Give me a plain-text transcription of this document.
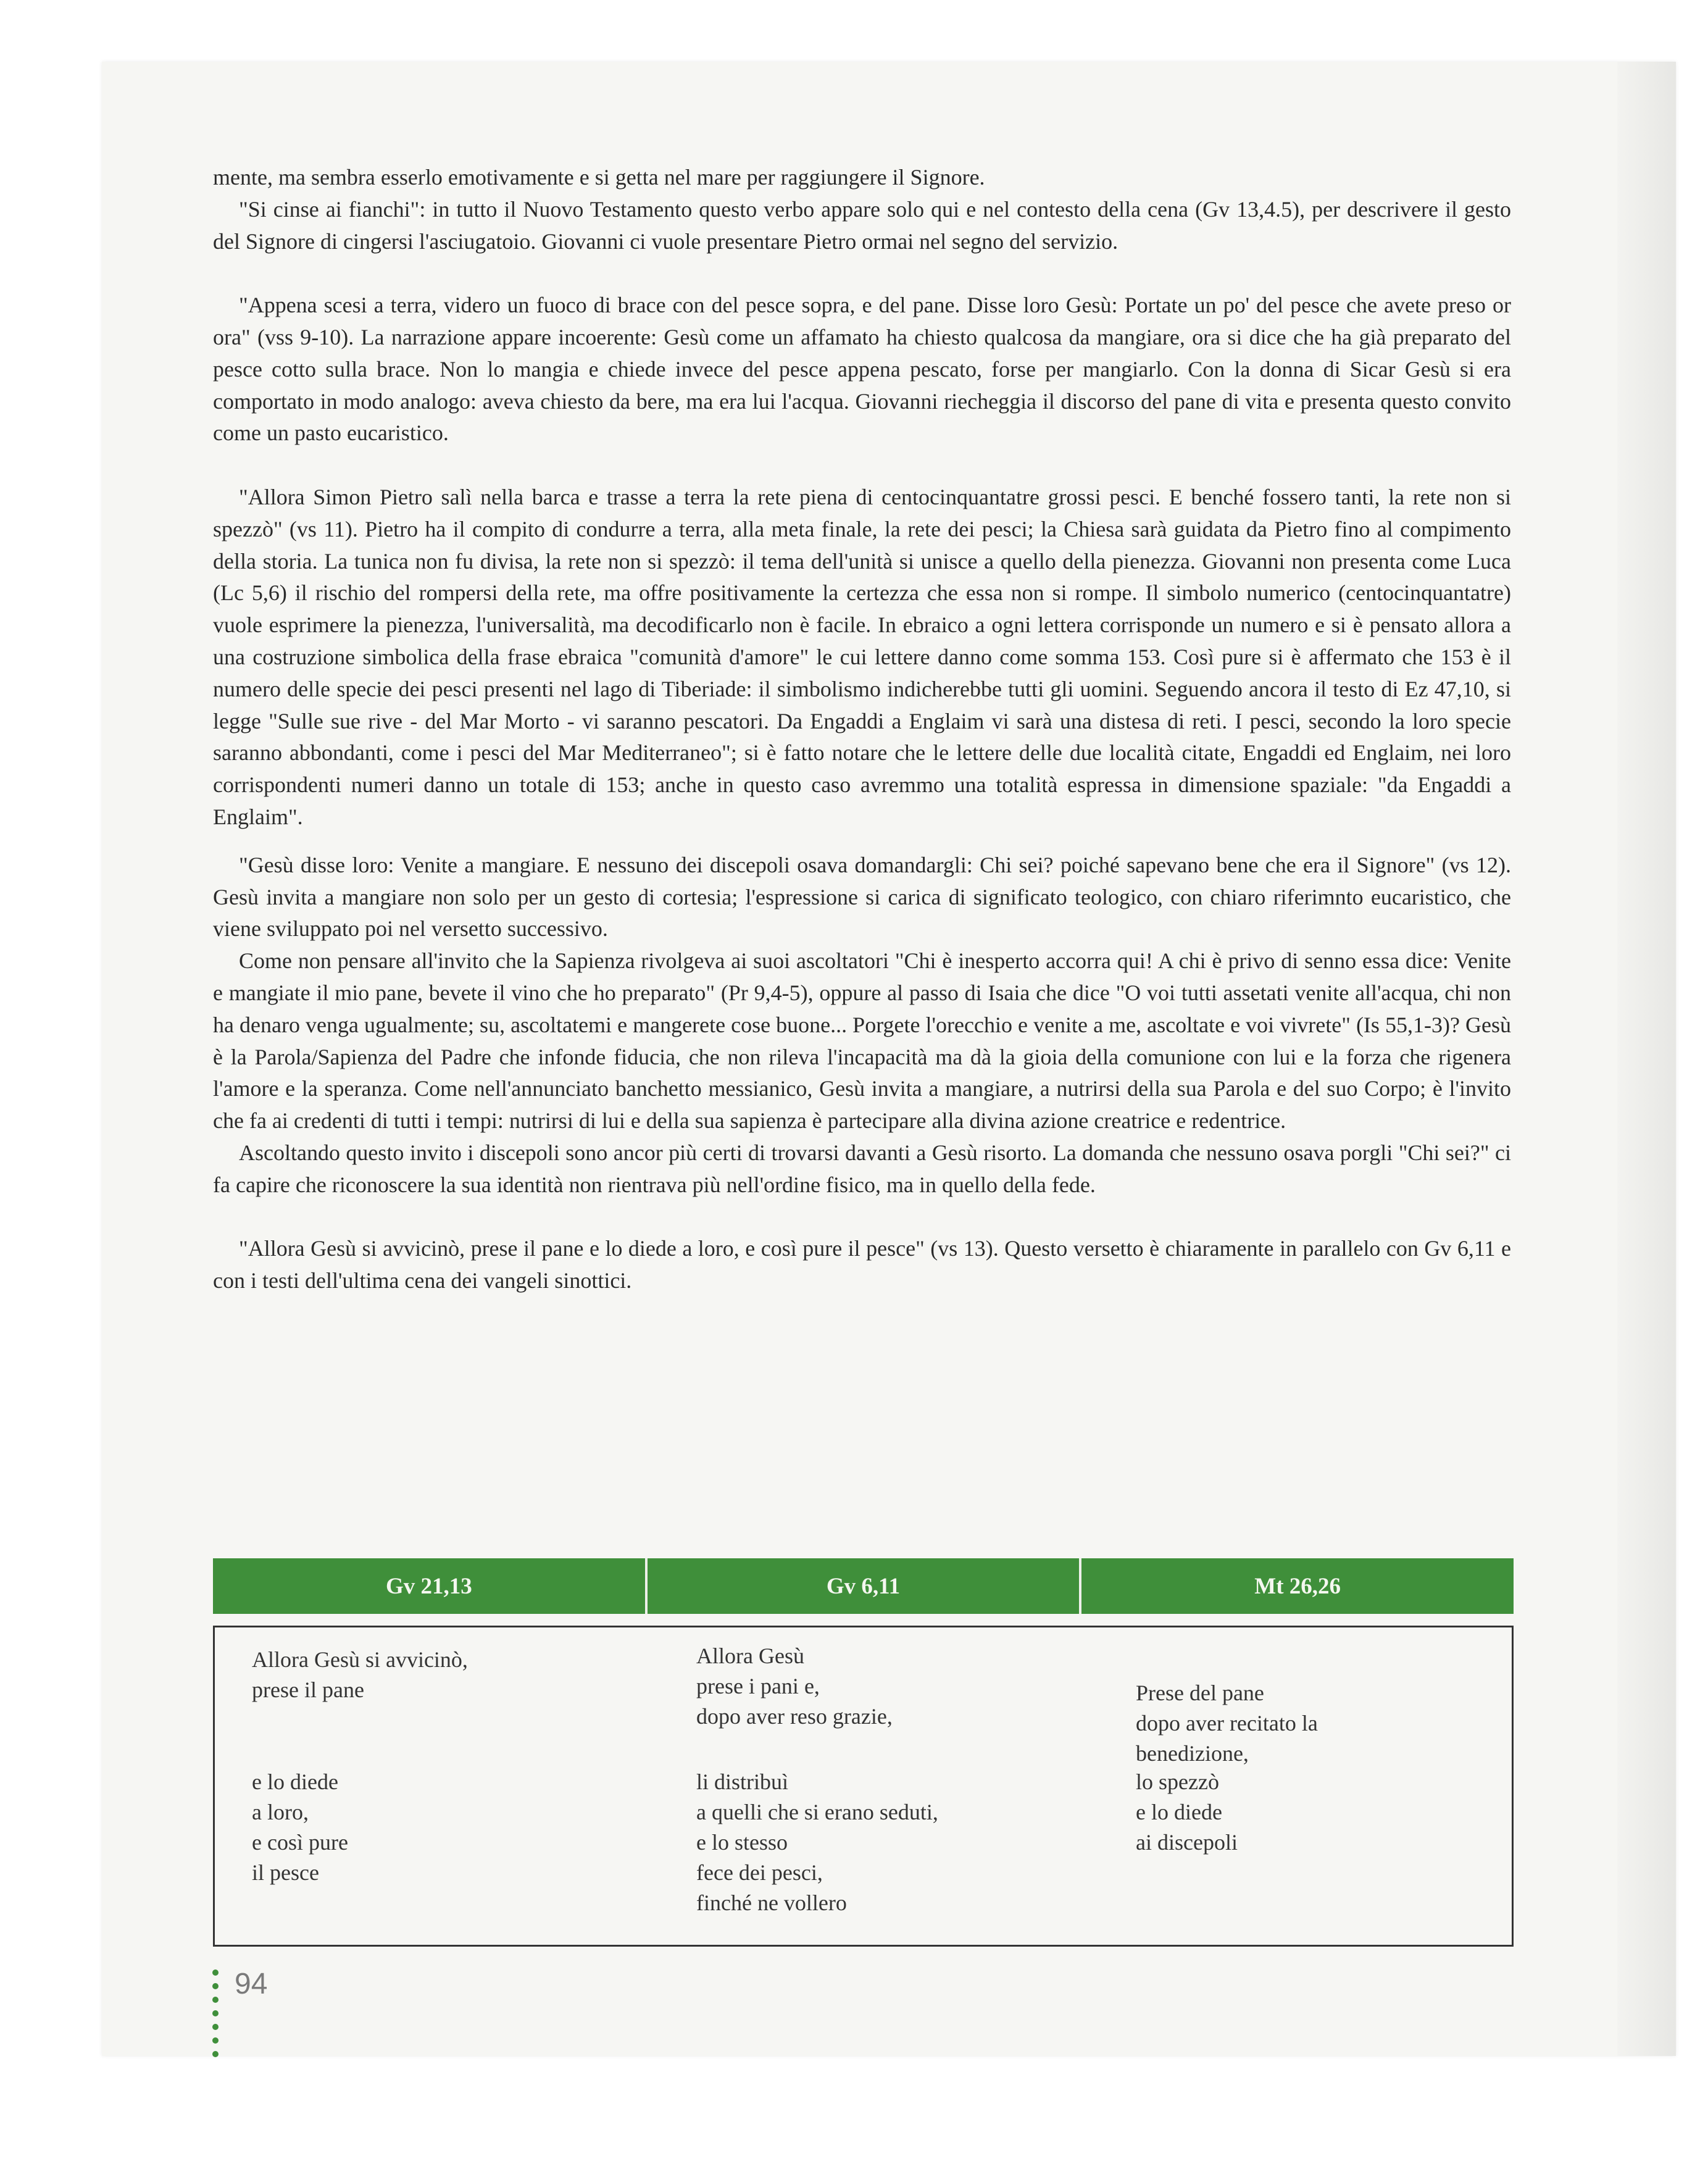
mente, ma sembra esserlo emotivamente e si getta nel mare per raggiungere il Signore.

"Si cinse ai fianchi": in tutto il Nuovo Testamento questo verbo appare solo qui e nel contesto della cena (Gv 13,4.5), per descrivere il gesto del Signore di cingersi l'asciugatoio. Giovanni ci vuole presentare Pietro ormai nel segno del servizio.

"Appena scesi a terra, videro un fuoco di brace con del pesce sopra, e del pane. Disse loro Gesù: Portate un po' del pesce che avete preso or ora" (vss 9-10). La narrazione appare incoerente: Gesù come un affamato ha chiesto qualcosa da mangiare, ora si dice che ha già preparato del pesce cotto sulla brace. Non lo mangia e chiede invece del pesce appena pescato, forse per mangiarlo. Con la donna di Sicar Gesù si era comportato in modo analogo: aveva chiesto da bere, ma era lui l'acqua. Giovanni riecheggia il discorso del pane di vita e presenta questo convito come un pasto eucaristico.

"Allora Simon Pietro salì nella barca e trasse a terra la rete piena di centocinquantatre grossi pesci. E benché fossero tanti, la rete non si spezzò" (vs 11). Pietro ha il compito di condurre a terra, alla meta finale, la rete dei pesci; la Chiesa sarà guidata da Pietro fino al compimento della storia. La tunica non fu divisa, la rete non si spezzò: il tema dell'unità si unisce a quello della pienezza. Giovanni non presenta come Luca (Lc 5,6) il rischio del rompersi della rete, ma offre positivamente la certezza che essa non si rompe. Il simbolo numerico (centocinquantatre) vuole esprimere la pienezza, l'universalità, ma decodificarlo non è facile. In ebraico a ogni lettera corrisponde un numero e si è pensato allora a una costruzione simbolica della frase ebraica "comunità d'amore" le cui lettere danno come somma 153. Così pure si è affermato che 153 è il numero delle specie dei pesci presenti nel lago di Tiberiade: il simbolismo indicherebbe tutti gli uomini. Seguendo ancora il testo di Ez 47,10, si legge "Sulle sue rive - del Mar Morto - vi saranno pescatori. Da Engaddi a Englaim vi sarà una distesa di reti. I pesci, secondo la loro specie saranno abbondanti, come i pesci del Mar Mediterraneo"; si è fatto notare che le lettere delle due località citate, Engaddi ed Englaim, nei loro corrispondenti numeri danno un totale di 153; anche in questo caso avremmo una totalità espressa in dimensione spaziale: "da Engaddi a Englaim".

"Gesù disse loro: Venite a mangiare. E nessuno dei discepoli osava domandargli: Chi sei? poiché sapevano bene che era il Signore" (vs 12). Gesù invita a mangiare non solo per un gesto di cortesia; l'espressione si carica di significato teologico, con chiaro riferimnto eucaristico, che viene sviluppato poi nel versetto successivo.

Come non pensare all'invito che la Sapienza rivolgeva ai suoi ascoltatori "Chi è inesperto accorra qui! A chi è privo di senno essa dice: Venite e mangiate il mio pane, bevete il vino che ho preparato" (Pr 9,4-5), oppure al passo di Isaia che dice "O voi tutti assetati venite all'acqua, chi non ha denaro venga ugualmente; su, ascoltatemi e mangerete cose buone... Porgete l'orecchio e venite a me, ascoltate e voi vivrete" (Is 55,1-3)? Gesù è la Parola/Sapienza del Padre che infonde fiducia, che non rileva l'incapacità ma dà la gioia della comunione con lui e la forza che rigenera l'amore e la speranza. Come nell'annunciato banchetto messianico, Gesù invita a mangiare, a nutrirsi della sua Parola e del suo Corpo; è l'invito che fa ai credenti di tutti i tempi: nutrirsi di lui e della sua sapienza è partecipare alla divina azione creatrice e redentrice.

Ascoltando questo invito i discepoli sono ancor più certi di trovarsi davanti a Gesù risorto. La domanda che nessuno osava porgli "Chi sei?" ci fa capire che riconoscere la sua identità non rientrava più nell'ordine fisico, ma in quello della fede.

"Allora Gesù si avvicinò, prese il pane e lo diede a loro, e così pure il pesce" (vs 13). Questo versetto è chiaramente in parallelo con Gv 6,11 e con i testi dell'ultima cena dei vangeli sinottici.

Gv 21,13	Gv 6,11	Mt 26,26
Allora Gesù si avvicinò,
prese il pane
Allora Gesù
prese i pani e,
dopo aver reso grazie,
Prese del pane
dopo aver recitato la
benedizione,
e lo diede
a loro,
e così pure
il pesce
li distribuì
a quelli che si erano seduti,
e lo stesso
fece dei pesci,
finché ne vollero
lo spezzò
e lo diede
ai discepoli
94
